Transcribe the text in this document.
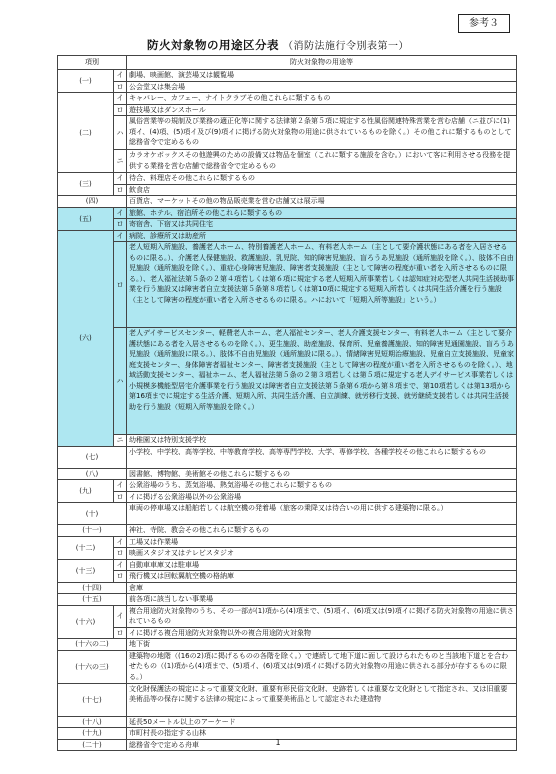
参考３
防火対象物の用途区分表 （消防法施行令別表第一）
項別		防火対象物の用途等
(一)	イ	劇場、映画館、演芸場又は観覧場
	ロ	公会堂又は集会場
(二)	イ	キャバレー、カフェー、ナイトクラブその他これらに類するもの
	ロ	遊技場又はダンスホール
	ハ	風俗営業等の規制及び業務の適正化等に関する法律第２条第５項に規定する性風俗関連特殊営業を営む店舗（ニ並びに(1)項イ、(4)項、(5)項イ及び(9)項イに掲げる防火対象物の用途に供されているものを除く。）その他これに類するものとして総務省令で定めるもの
	ニ	カラオケボックスその他遊興のための設備又は物品を個室（これに類する施設を含む。）において客に利用させる役務を提供する業務を営む店舗で総務省令で定めるもの
(三)	イ	待合、料理店その他これらに類するもの
	ロ	飲食店
(四)		百貨店、マーケットその他の物品販売業を営む店舗又は展示場
(五)	イ	旅館、ホテル、宿泊所その他これらに類するもの
	ロ	寄宿舎、下宿又は共同住宅
(六)	イ	病院、診療所又は助産所
	ロ	老人短期入所施設、養護老人ホーム、特別養護老人ホーム、有料老人ホーム（主として要介護状態にある者を入居させるものに限る。）、介護老人保健施設、救護施設、乳児院、知的障害児施設、盲ろうあ児施設（通所施設を除く。）、肢体不自由児施設（通所施設を除く。）、重症心身障害児施設、障害者支援施設（主として障害の程度が重い者を入所させるものに限る。）、老人福祉法第５条の２第４項若しくは第６項に規定する老人短期入所事業若しくは認知症対応型老人共同生活援助事業を行う施設又は障害者自立支援法第５条第８項若しくは第10項に規定する短期入所若しくは共同生活介護を行う施設（主として障害の程度が重い者を入所させるものに限る。ハにおいて「短期入所等施設」という。）
	ハ	老人デイサービスセンター、軽費老人ホーム、老人福祉センター、老人介護支援センター、有料老人ホーム（主として要介護状態にある者を入居させるものを除く。）、更生施設、助産施設、保育所、児童養護施設、知的障害児通園施設、盲ろうあ児施設（通所施設に限る。）、肢体不自由児施設（通所施設に限る。）、情緒障害児短期治療施設、児童自立支援施設、児童家庭支援センター、身体障害者福祉センター、障害者支援施設（主として障害の程度が重い者を入所させるものを除く。）、地域活動支援センター、福祉ホーム、老人福祉法第５条の２第３項若しくは第５項に規定する老人デイサービス事業若しくは小規模多機能型居宅介護事業を行う施設又は障害者自立支援法第５条第６項から第８項まで、第10項若しくは第13項から第16項までに規定する生活介護、短期入所、共同生活介護、自立訓練、就労移行支援、就労継続支援若しくは共同生活援助を行う施設（短期入所等施設を除く。）
	ニ	幼稚園又は特別支援学校
(七)		小学校、中学校、高等学校、中等教育学校、高等専門学校、大学、専修学校、各種学校その他これらに類するもの
(八)		図書館、博物館、美術館その他これらに類するもの
(九)	イ	公衆浴場のうち、蒸気浴場、熱気浴場その他これらに類するもの
	ロ	イに掲げる公衆浴場以外の公衆浴場
(十)		車両の停車場又は船舶若しくは航空機の発着場（旅客の乗降又は待合いの用に供する建築物に限る。）
(十一)		神社、寺院、教会その他これらに類するもの
(十二)	イ	工場又は作業場
	ロ	映画スタジオ又はテレビスタジオ
(十三)	イ	自動車車庫又は駐車場
	ロ	飛行機又は回転翼航空機の格納庫
(十四)		倉庫
(十五)		前各項に該当しない事業場
(十六)	イ	複合用途防火対象物のうち、その一部が(1)項から(4)項まで、(5)項イ、(6)項又は(9)項イに掲げる防火対象物の用途に供されているもの
	ロ	イに掲げる複合用途防火対象物以外の複合用途防火対象物
(十六の二)		地下街
(十六の三)		建築物の地階（(16の2)項に掲げるものの各階を除く。）で連続して地下道に面して設けられたものと当該地下道とを合わせたもの（(1)項から(4)項まで、(5)項イ、(6)項又は(9)項イに掲げる防火対象物の用途に供される部分が存するものに限る。）
(十七)		文化財保護法の規定によって重要文化財、重要有形民俗文化財、史跡若しくは重要な文化財として指定され、又は旧重要美術品等の保存に関する法律の規定によって重要美術品として認定された建造物
(十八)		延長50メートル以上のアーケード
(十九)		市町村長の指定する山林
(二十)		総務省令で定める舟車	1
